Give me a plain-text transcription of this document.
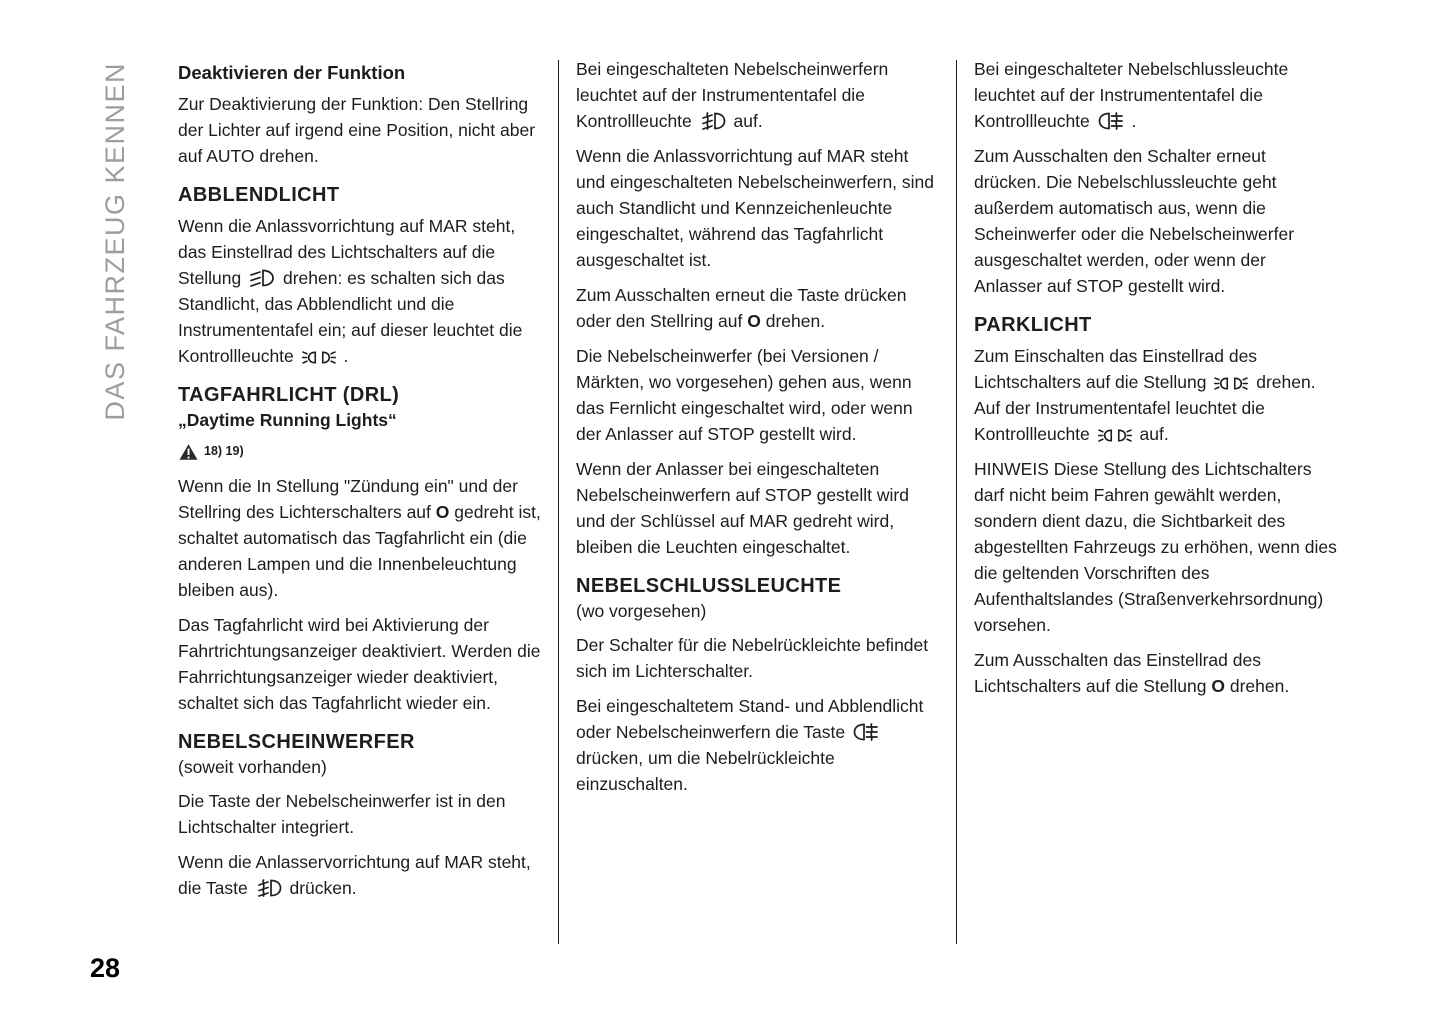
DAS FAHRZEUG KENNEN	Deaktivieren der Funktion

Zur Deaktivierung der Funktion: Den Stellring der Lichter auf irgend eine Position, nicht aber auf AUTO drehen.

ABBLENDLICHT

Wenn die Anlassvorrichtung auf MAR steht, das Einstellrad des Lichtschalters auf die Stellung  drehen: es schalten sich das Standlicht, das Abblendlicht und die Instrumententafel ein; auf dieser leuchtet die Kontrollleuchte  .

TAGFAHRLICHT (DRL)
„Daytime Running Lights“
18) 19)

Wenn die In Stellung "Zündung ein" und der Stellring des Lichterschalters auf O gedreht ist, schaltet automatisch das Tagfahrlicht ein (die anderen Lampen und die Innenbeleuchtung bleiben aus).

Das Tagfahrlicht wird bei Aktivierung der Fahrtrichtungsanzeiger deaktiviert. Werden die Fahrrichtungsanzeiger wieder deaktiviert, schaltet sich das Tagfahrlicht wieder ein.

NEBELSCHEINWERFER
(soweit vorhanden)

Die Taste der Nebelscheinwerfer ist in den Lichtschalter integriert.

Wenn die Anlasservorrichtung auf MAR steht, die Taste  drücken.

Bei eingeschalteten Nebelscheinwerfern leuchtet auf der Instrumententafel die Kontrollleuchte  auf.

Wenn die Anlassvorrichtung auf MAR steht und eingeschalteten Nebelscheinwerfern, sind auch Standlicht und Kennzeichenleuchte eingeschaltet, während das Tagfahrlicht ausgeschaltet ist.

Zum Ausschalten erneut die Taste drücken oder den Stellring auf O drehen.

Die Nebelscheinwerfer (bei Versionen / Märkten, wo vorgesehen) gehen aus, wenn das Fernlicht eingeschaltet wird, oder wenn der Anlasser auf STOP gestellt wird.

Wenn der Anlasser bei eingeschalteten Nebelscheinwerfern auf STOP gestellt wird und der Schlüssel auf MAR gedreht wird, bleiben die Leuchten eingeschaltet.

NEBELSCHLUSSLEUCHTE
(wo vorgesehen)

Der Schalter für die Nebelrückleichte befindet sich im Lichterschalter.

Bei eingeschaltetem Stand- und Abblendlicht oder Nebelscheinwerfern die Taste  drücken, um die Nebelrückleichte einzuschalten.

Bei eingeschalteter Nebelschlussleuchte leuchtet auf der Instrumententafel die Kontrollleuchte  .

Zum Ausschalten den Schalter erneut drücken. Die Nebelschlussleuchte geht außerdem automatisch aus, wenn die Scheinwerfer oder die Nebelscheinwerfer ausgeschaltet werden, oder wenn der Anlasser auf STOP gestellt wird.

PARKLICHT

Zum Einschalten das Einstellrad des Lichtschalters auf die Stellung  drehen. Auf der Instrumententafel leuchtet die Kontrollleuchte  auf.

HINWEIS Diese Stellung des Lichtschalters darf nicht beim Fahren gewählt werden, sondern dient dazu, die Sichtbarkeit des abgestellten Fahrzeugs zu erhöhen, wenn dies die geltenden Vorschriften des Aufenthaltslandes (Straßenverkehrsordnung) vorsehen.

Zum Ausschalten das Einstellrad des Lichtschalters auf die Stellung O drehen.

28
